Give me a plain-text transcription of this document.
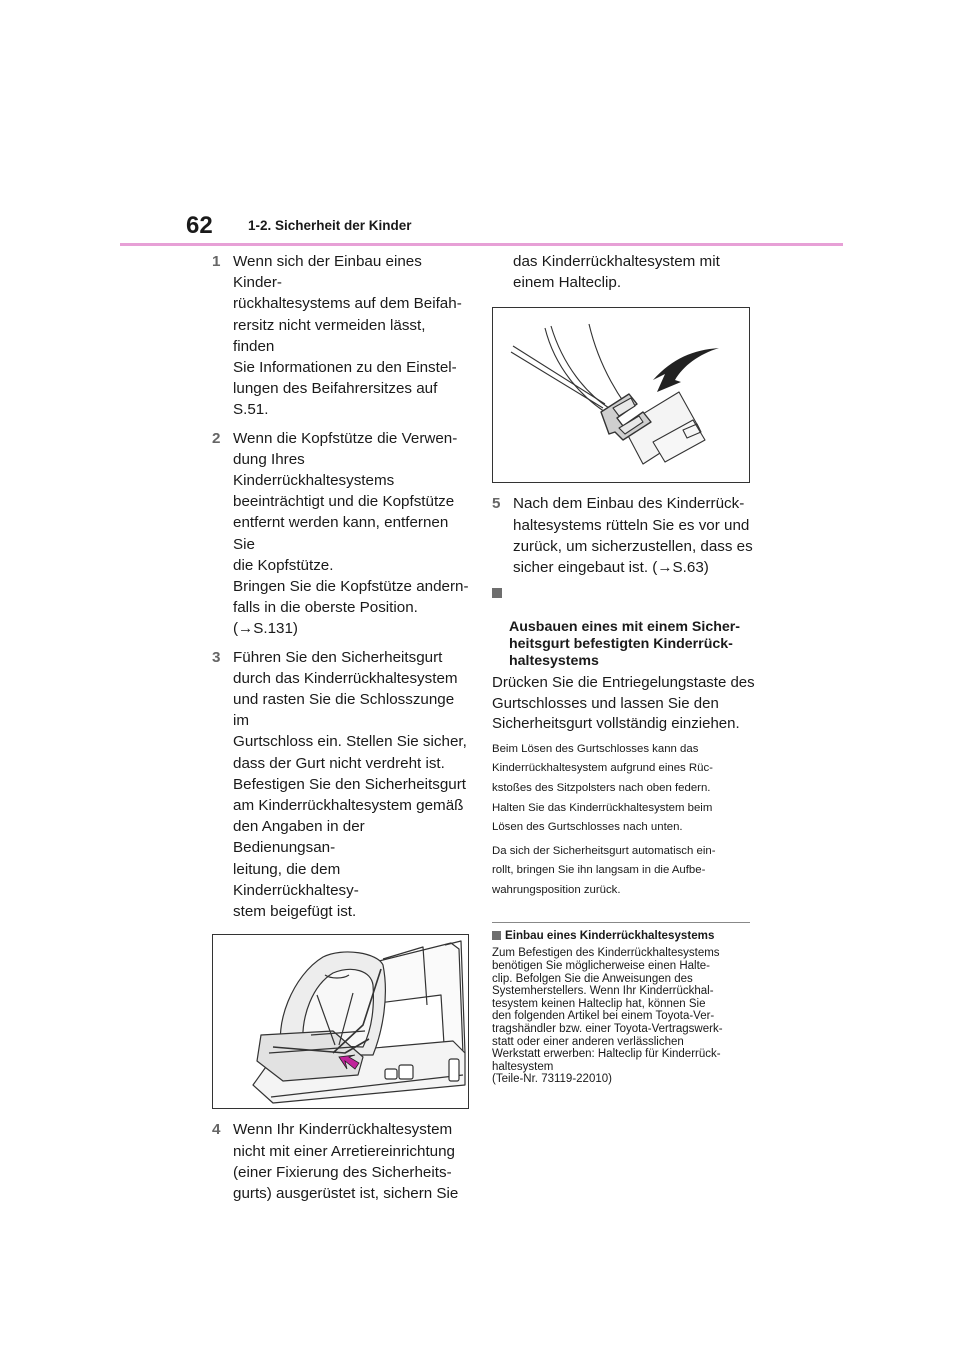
62	1-2. Sicherheit der Kinder
1 Wenn sich der Einbau eines Kinder-
rückhaltesystems auf dem Beifah-
rersitz nicht vermeiden lässt, finden
Sie Informationen zu den Einstel-
lungen des Beifahrersitzes auf
S.51.
2 Wenn die Kopfstütze die Verwen-
dung Ihres Kinderrückhaltesystems
beeinträchtigt und die Kopfstütze
entfernt werden kann, entfernen Sie
die Kopfstütze.
Bringen Sie die Kopfstütze andern-
falls in die oberste Position.
(→S.131)
3 Führen Sie den Sicherheitsgurt
durch das Kinderrückhaltesystem
und rasten Sie die Schlosszunge im
Gurtschloss ein. Stellen Sie sicher,
dass der Gurt nicht verdreht ist.
Befestigen Sie den Sicherheitsgurt
am Kinderrückhaltesystem gemäß
den Angaben in der Bedienungsan-
leitung, die dem Kinderrückhaltesy-
stem beigefügt ist.
4 Wenn Ihr Kinderrückhaltesystem
nicht mit einer Arretiereinrichtung
(einer Fixierung des Sicherheits-
gurts) ausgerüstet ist, sichern Sie
das Kinderrückhaltesystem mit
einem Halteclip.
5 Nach dem Einbau des Kinderrück-
haltesystems rütteln Sie es vor und
zurück, um sicherzustellen, dass es
sicher eingebaut ist. (→S.63)

Ausbauen eines mit einem Sicher-
heitsgurt befestigten Kinderrück-
haltesystems

Drücken Sie die Entriegelungstaste des
Gurtschlosses und lassen Sie den
Sicherheitsgurt vollständig einziehen.
Beim Lösen des Gurtschlosses kann das
Kinderrückhaltesystem aufgrund eines Rüc-
kstoßes des Sitzpolsters nach oben federn.
Halten Sie das Kinderrückhaltesystem beim
Lösen des Gurtschlosses nach unten.
Da sich der Sicherheitsgurt automatisch ein-
rollt, bringen Sie ihn langsam in die Aufbe-
wahrungsposition zurück.
Einbau eines Kinderrückhaltesystems
Zum Befestigen des Kinderrückhaltesystems
benötigen Sie möglicherweise einen Halte-
clip. Befolgen Sie die Anweisungen des
Systemherstellers. Wenn Ihr Kinderrückhal-
tesystem keinen Halteclip hat, können Sie
den folgenden Artikel bei einem Toyota-Ver-
tragshändler bzw. einer Toyota-Vertragswerk-
statt oder einer anderen verlässlichen
Werkstatt erwerben: Halteclip für Kinderrück-
haltesystem
(Teile-Nr. 73119-22010)
